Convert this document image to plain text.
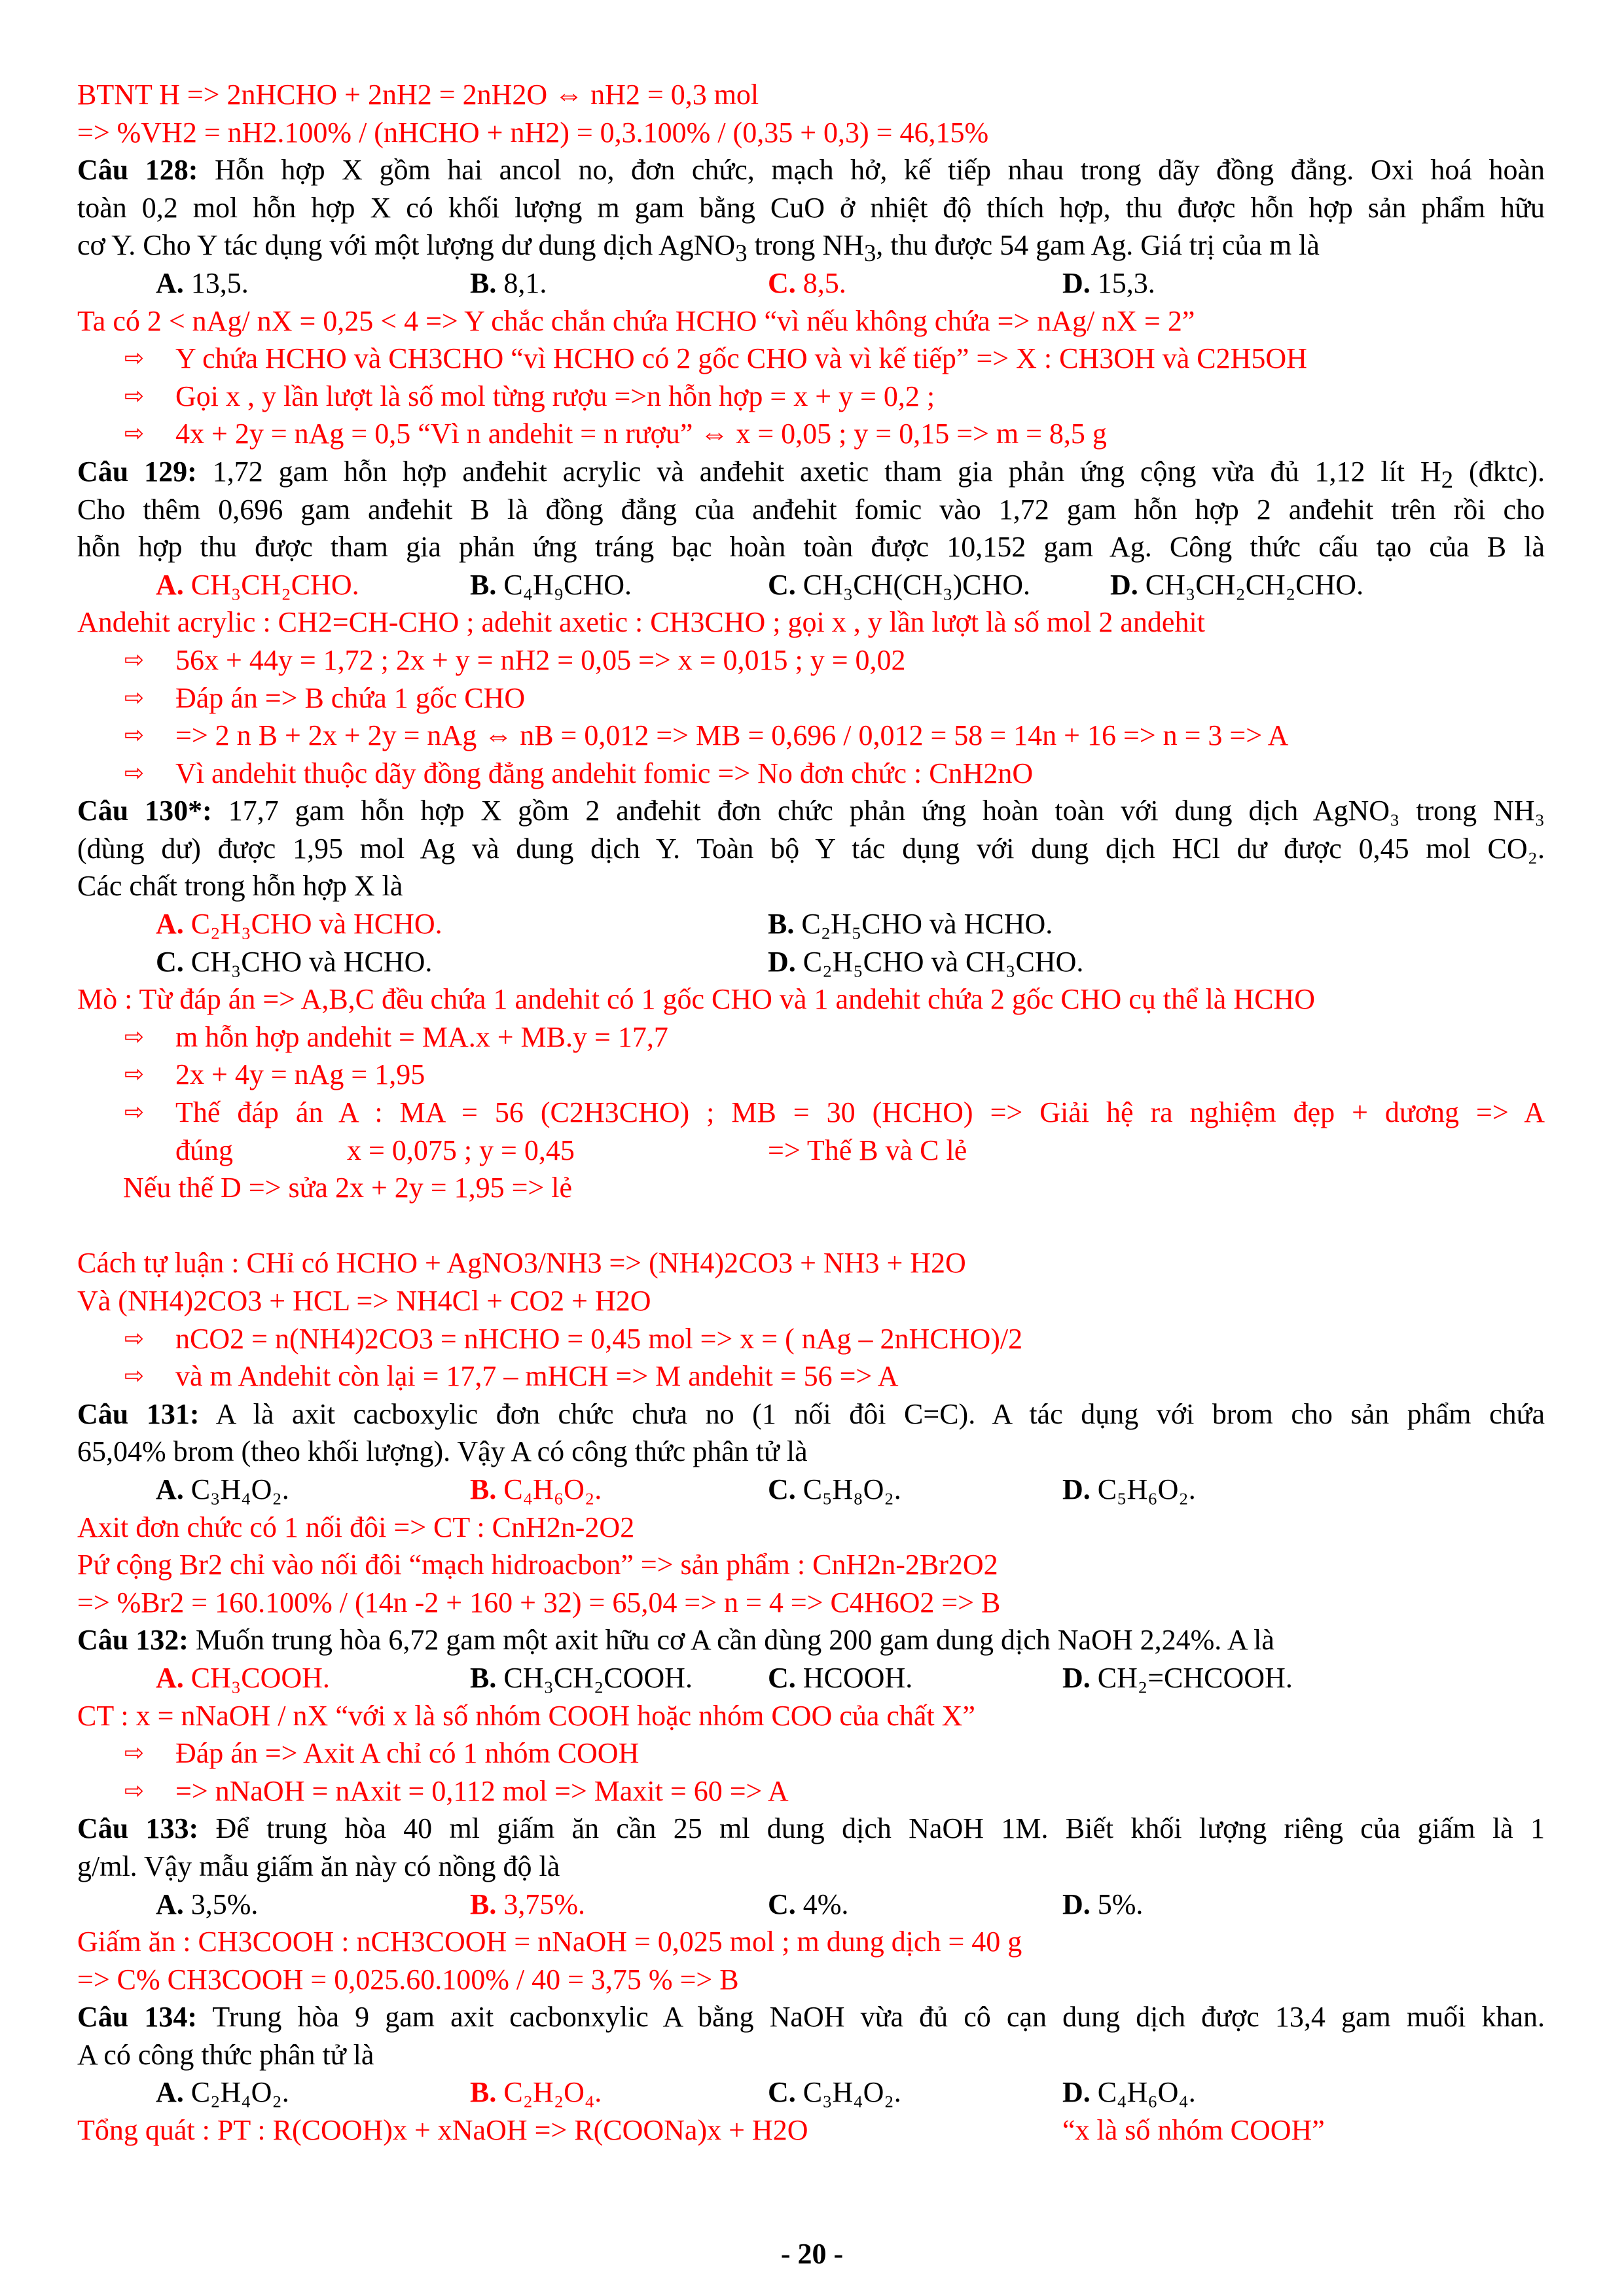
BTNT H => 2nHCHO + 2nH2 = 2nH2O ⇔ nH2 = 0,3 mol
=> %VH2 = nH2.100% / (nHCHO + nH2) = 0,3.100% / (0,35 + 0,3) = 46,15%
Câu 128: Hỗn hợp X gồm hai ancol no, đơn chức, mạch hở, kế tiếp nhau trong dãy đồng đẳng. Oxi hoá hoàn
toàn 0,2 mol hỗn hợp X có khối lượng m gam bằng CuO ở nhiệt độ thích hợp, thu được hỗn hợp sản phẩm hữu
cơ Y. Cho Y tác dụng với một lượng dư dung dịch AgNO$_3$ trong $NH_3$, thu được 54 gam Ag. Giá trị của m là
A. 13,5.	B. 8,1.	C. 8,5.	D. 15,3.
Ta có 2 < nAg/ nX = 0,25 < 4 => Y chắc chắn chứa HCHO “vì nếu không chứa => nAg/ nX = 2”
⇨ Y chứa HCHO và CH3CHO “vì HCHO có 2 gốc CHO và vì kế tiếp” => X : CH3OH và C2H5OH
⇨ Gọi x , y lần lượt là số mol từng rượu =>n hỗn hợp = x + y = 0,2 ;
⇨ 4x + 2y = nAg = 0,5 “Vì n andehit = n rượu” ⇔ x = 0,05 ; y = 0,15 => m = 8,5 g
Câu 129: 1,72 gam hỗn hợp anđehit acrylic và anđehit axetic tham gia phản ứng cộng vừa đủ 1,12 lít $H_2$ (đktc).
Cho thêm 0,696 gam anđehit B là đồng đẳng của anđehit fomic vào 1,72 gam hỗn hợp 2 anđehit trên rồi cho
hỗn hợp thu được tham gia phản ứng tráng bạc hoàn toàn được 10,152 gam Ag. Công thức cấu tạo của B là
A. CH₃CH₂CHO.	B. C₄H₉CHO.	C. CH₃CH(CH₃)CHO.	D. CH₃CH₂CH₂CHO.
Andehit acrylic : CH2=CH-CHO ; adehit axetic : CH3CHO ; gọi x , y lần lượt là số mol 2 andehit
⇨ 56x + 44y = 1,72 ; 2x + y = nH2 = 0,05 => x = 0,015 ; y = 0,02
⇨ Đáp án => B chứa 1 gốc CHO
⇨ => 2 n B + 2x + 2y = nAg ⇔ nB = 0,012 => MB = 0,696 / 0,012 = 58 = 14n + 16 => n = 3 => A
⇨ Vì andehit thuộc dãy đồng đẳng andehit fomic => No đơn chức : CnH2nO
Câu 130*: 17,7 gam hỗn hợp X gồm 2 anđehit đơn chức phản ứng hoàn toàn với dung dịch AgNO₃ trong NH₃
(dùng dư) được 1,95 mol Ag và dung dịch Y. Toàn bộ Y tác dụng với dung dịch HCl dư được 0,45 mol CO₂.
Các chất trong hỗn hợp X là
A. C₂H₃CHO và HCHO.	B. C₂H₅CHO và HCHO.
C. CH₃CHO và HCHO.	D. C₂H₅CHO và CH₃CHO.
Mò : Từ đáp án => A,B,C đều chứa 1 andehit có 1 gốc CHO và 1 andehit chứa 2 gốc CHO cụ thể là HCHO
⇨ m hỗn hợp andehit = MA.x + MB.y = 17,7
⇨ 2x + 4y = nAg = 1,95
⇨ Thế đáp án A : MA = 56 (C2H3CHO) ; MB = 30 (HCHO) => Giải hệ ra nghiệm đẹp + dương => A
đúng	x = 0,075 ; y = 0,45	=> Thế B và C lẻ
Nếu thế D => sửa 2x + 2y = 1,95 => lẻ
Cách tự luận : CHỉ có HCHO + AgNO3/NH3 => (NH4)2CO3 + NH3 + H2O
Và (NH4)2CO3 + HCL => NH4Cl + CO2 + H2O
⇨ nCO2 = n(NH4)2CO3 = nHCHO = 0,45 mol => x = ( nAg – 2nHCHO)/2
⇨ và m Andehit còn lại = 17,7 – mHCH => M andehit = 56 => A
Câu 131: A là axit cacboxylic đơn chức chưa no (1 nối đôi C=C). A tác dụng với brom cho sản phẩm chứa
65,04% brom (theo khối lượng). Vậy A có công thức phân tử là
A. C₃H₄O₂.	B. C₄H₆O₂.	C. C₅H₈O₂.	D. C₅H₆O₂.
Axit đơn chức có 1 nối đôi => CT : CnH2n-2O2
Pứ cộng Br2 chỉ vào nối đôi “mạch hidroacbon” => sản phẩm : CnH2n-2Br2O2
=> %Br2 = 160.100% / (14n -2 + 160 + 32) = 65,04 => n = 4 => C4H6O2 => B
Câu 132: Muốn trung hòa 6,72 gam một axit hữu cơ A cần dùng 200 gam dung dịch NaOH 2,24%. A là
A. CH₃COOH.	B. CH₃CH₂COOH.	C. HCOOH.	D. CH₂=CHCOOH.
CT : x = nNaOH / nX “với x là số nhóm COOH hoặc nhóm COO của chất X”
⇨ Đáp án => Axit A chỉ có 1 nhóm COOH
⇨ => nNaOH = nAxit = 0,112 mol => Maxit = 60 => A
Câu 133: Để trung hòa 40 ml giấm ăn cần 25 ml dung dịch NaOH 1M. Biết khối lượng riêng của giấm là 1
g/ml. Vậy mẫu giấm ăn này có nồng độ là
A. 3,5%.	B. 3,75%.	C. 4%.	D. 5%.
Giấm ăn : CH3COOH : nCH3COOH = nNaOH = 0,025 mol ; m dung dịch = 40 g
=> C% CH3COOH = 0,025.60.100% / 40 = 3,75 % => B
Câu 134: Trung hòa 9 gam axit cacbonxylic A bằng NaOH vừa đủ cô cạn dung dịch được 13,4 gam muối khan.
A có công thức phân tử là
A. C₂H₄O₂.	B. C₂H₂O₄.	C. C₃H₄O₂.	D. C₄H₆O₄.
Tổng quát : PT : R(COOH)x + xNaOH => R(COONa)x + H2O	“x là số nhóm COOH”
- 20 -
